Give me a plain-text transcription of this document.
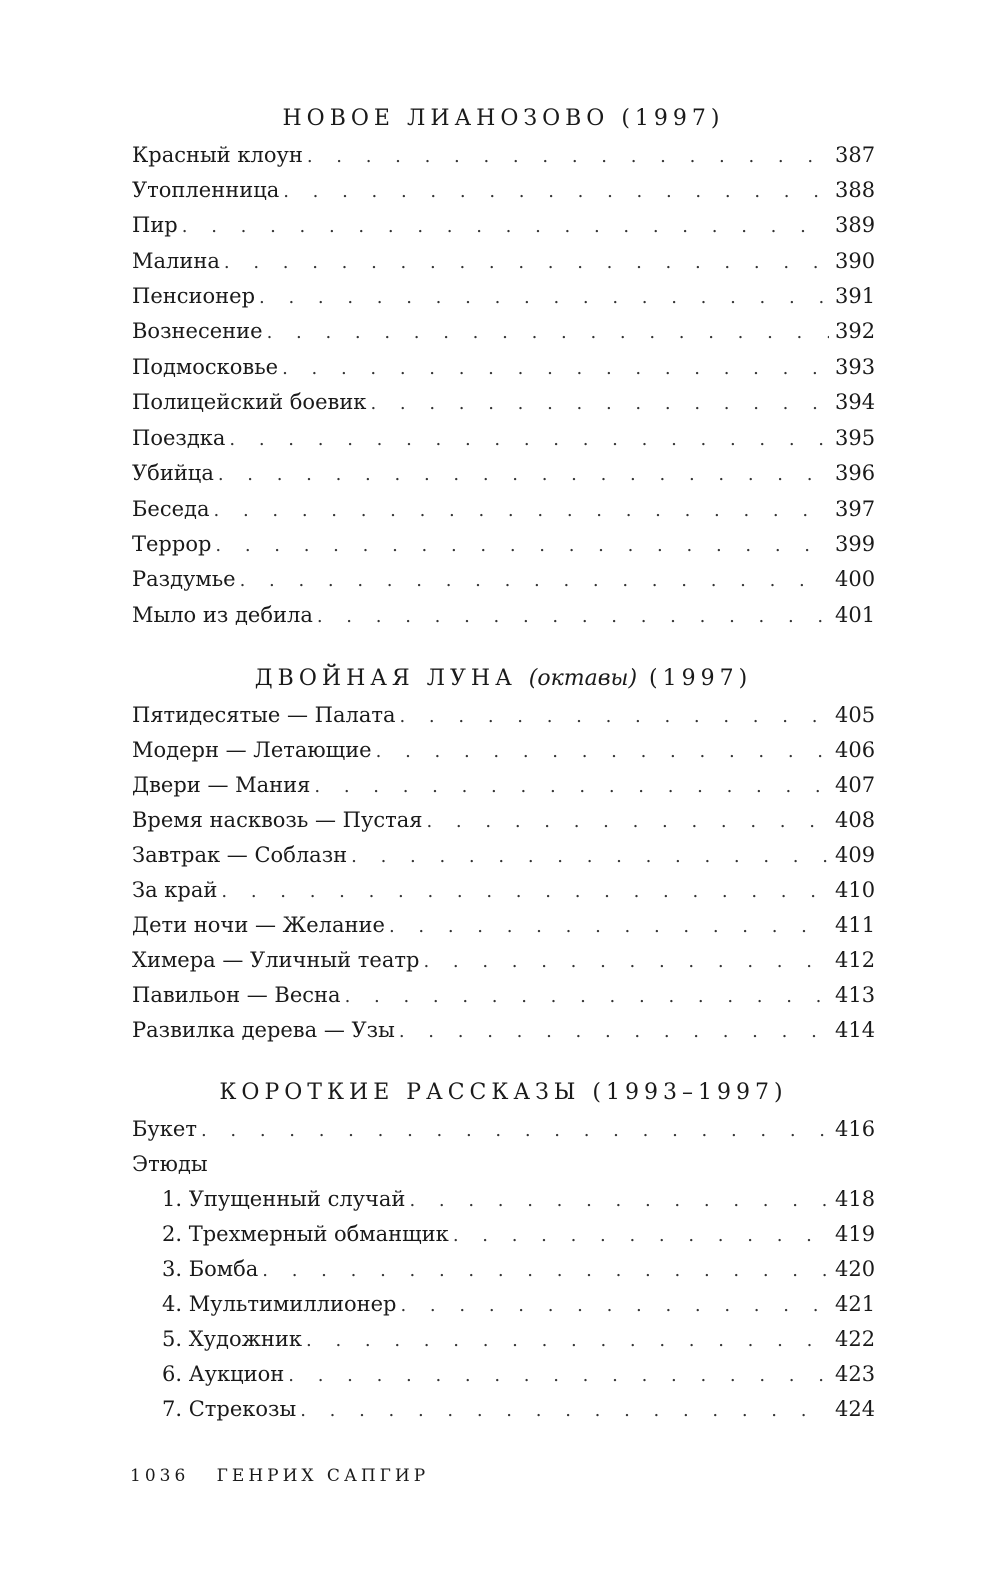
НОВОЕ ЛИАНОЗОВО (1997)
Красный клоун . . .	387
Утопленница . . .	388
Пир . . .	389
Малина . . .	390
Пенсионер . . .	391
Вознесение . . .	392
Подмосковье . . .	393
Полицейский боевик . . .	394
Поездка . . .	395
Убийца . . .	396
Беседа . . .	397
Террор . . .	399
Раздумье . . .	400
Мыло из дебила . . .	401
ДВОЙНАЯ ЛУНА (октавы) (1997)
Пятидесятые — Палата . . .	405
Модерн — Летающие . . .	406
Двери — Мания . . .	407
Время насквозь — Пустая . . .	408
Завтрак — Соблазн . . .	409
За край . . .	410
Дети ночи — Желание . . .	411
Химера — Уличный театр . . .	412
Павильон — Весна . . .	413
Развилка дерева — Узы . . .	414
КОРОТКИЕ РАССКАЗЫ (1993–1997)
Букет . . .	416
Этюды
1. Упущенный случай . . .	418
2. Трехмерный обманщик . . .	419
3. Бомба . . .	420
4. Мультимиллионер . . .	421
5. Художник . . .	422
6. Аукцион . . .	423
7. Стрекозы . . .	424
1036 ГЕНРИХ САПГИР
